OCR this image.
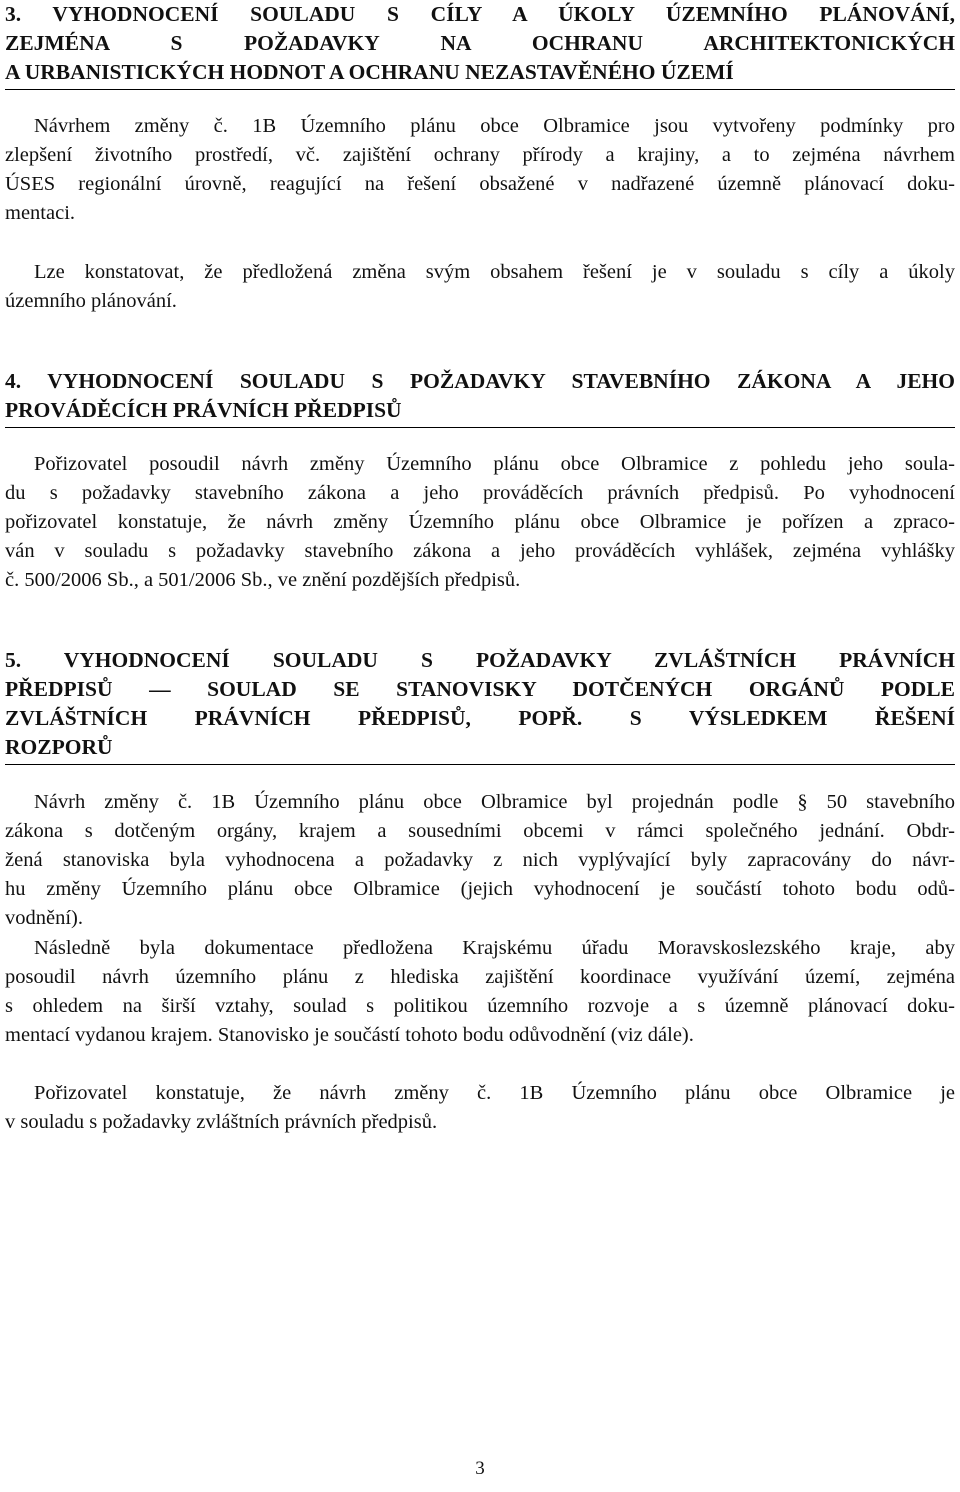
3. VYHODNOCENÍ SOULADU S CÍLY A ÚKOLY ÚZEMNÍHO PLÁNOVÁNÍ,
ZEJMÉNA S POŽADAVKY NA OCHRANU ARCHITEKTONICKÝCH
A URBANISTICKÝCH HODNOT A OCHRANU NEZASTAVĚNÉHO ÚZEMÍ
Návrhem změny č. 1B Územního plánu obce Olbramice jsou vytvořeny podmínky pro
zlepšení životního prostředí, vč. zajištění ochrany přírody a krajiny, a to zejména návrhem
ÚSES regionální úrovně, reagující na řešení obsažené v nadřazené územně plánovací doku-
mentaci.
Lze konstatovat, že předložená změna svým obsahem řešení je v souladu s cíly a úkoly
územního plánování.
4. VYHODNOCENÍ SOULADU S POŽADAVKY STAVEBNÍHO ZÁKONA A JEHO
PROVÁDĚCÍCH PRÁVNÍCH PŘEDPISŮ
Pořizovatel posoudil návrh změny Územního plánu obce Olbramice z pohledu jeho soula-
du s požadavky stavebního zákona a jeho prováděcích právních předpisů. Po vyhodnocení
pořizovatel konstatuje, že návrh změny Územního plánu obce Olbramice je pořízen a zpraco-
ván v souladu s požadavky stavebního zákona a jeho prováděcích vyhlášek, zejména vyhlášky
č. 500/2006 Sb., a 501/2006 Sb., ve znění pozdějších předpisů.
5. VYHODNOCENÍ SOULADU S POŽADAVKY ZVLÁŠTNÍCH PRÁVNÍCH
PŘEDPISŮ — SOULAD SE STANOVISKY DOTČENÝCH ORGÁNŮ PODLE
ZVLÁŠTNÍCH PRÁVNÍCH PŘEDPISŮ, POPŘ. S VÝSLEDKEM ŘEŠENÍ
ROZPORŮ
Návrh změny č. 1B Územního plánu obce Olbramice byl projednán podle § 50 stavebního
zákona s dotčeným orgány, krajem a sousedními obcemi v rámci společného jednání. Obdr-
žená stanoviska byla vyhodnocena a požadavky z nich vyplývající byly zapracovány do návr-
hu změny Územního plánu obce Olbramice (jejich vyhodnocení je součástí tohoto bodu odů-
vodnění).
Následně byla dokumentace předložena Krajskému úřadu Moravskoslezského kraje, aby
posoudil návrh územního plánu z hlediska zajištění koordinace využívání území, zejména
s ohledem na širší vztahy, soulad s politikou územního rozvoje a s územně plánovací doku-
mentací vydanou krajem. Stanovisko je součástí tohoto bodu odůvodnění (viz dále).
Pořizovatel konstatuje, že návrh změny č. 1B Územního plánu obce Olbramice je
v souladu s požadavky zvláštních právních předpisů.
3
